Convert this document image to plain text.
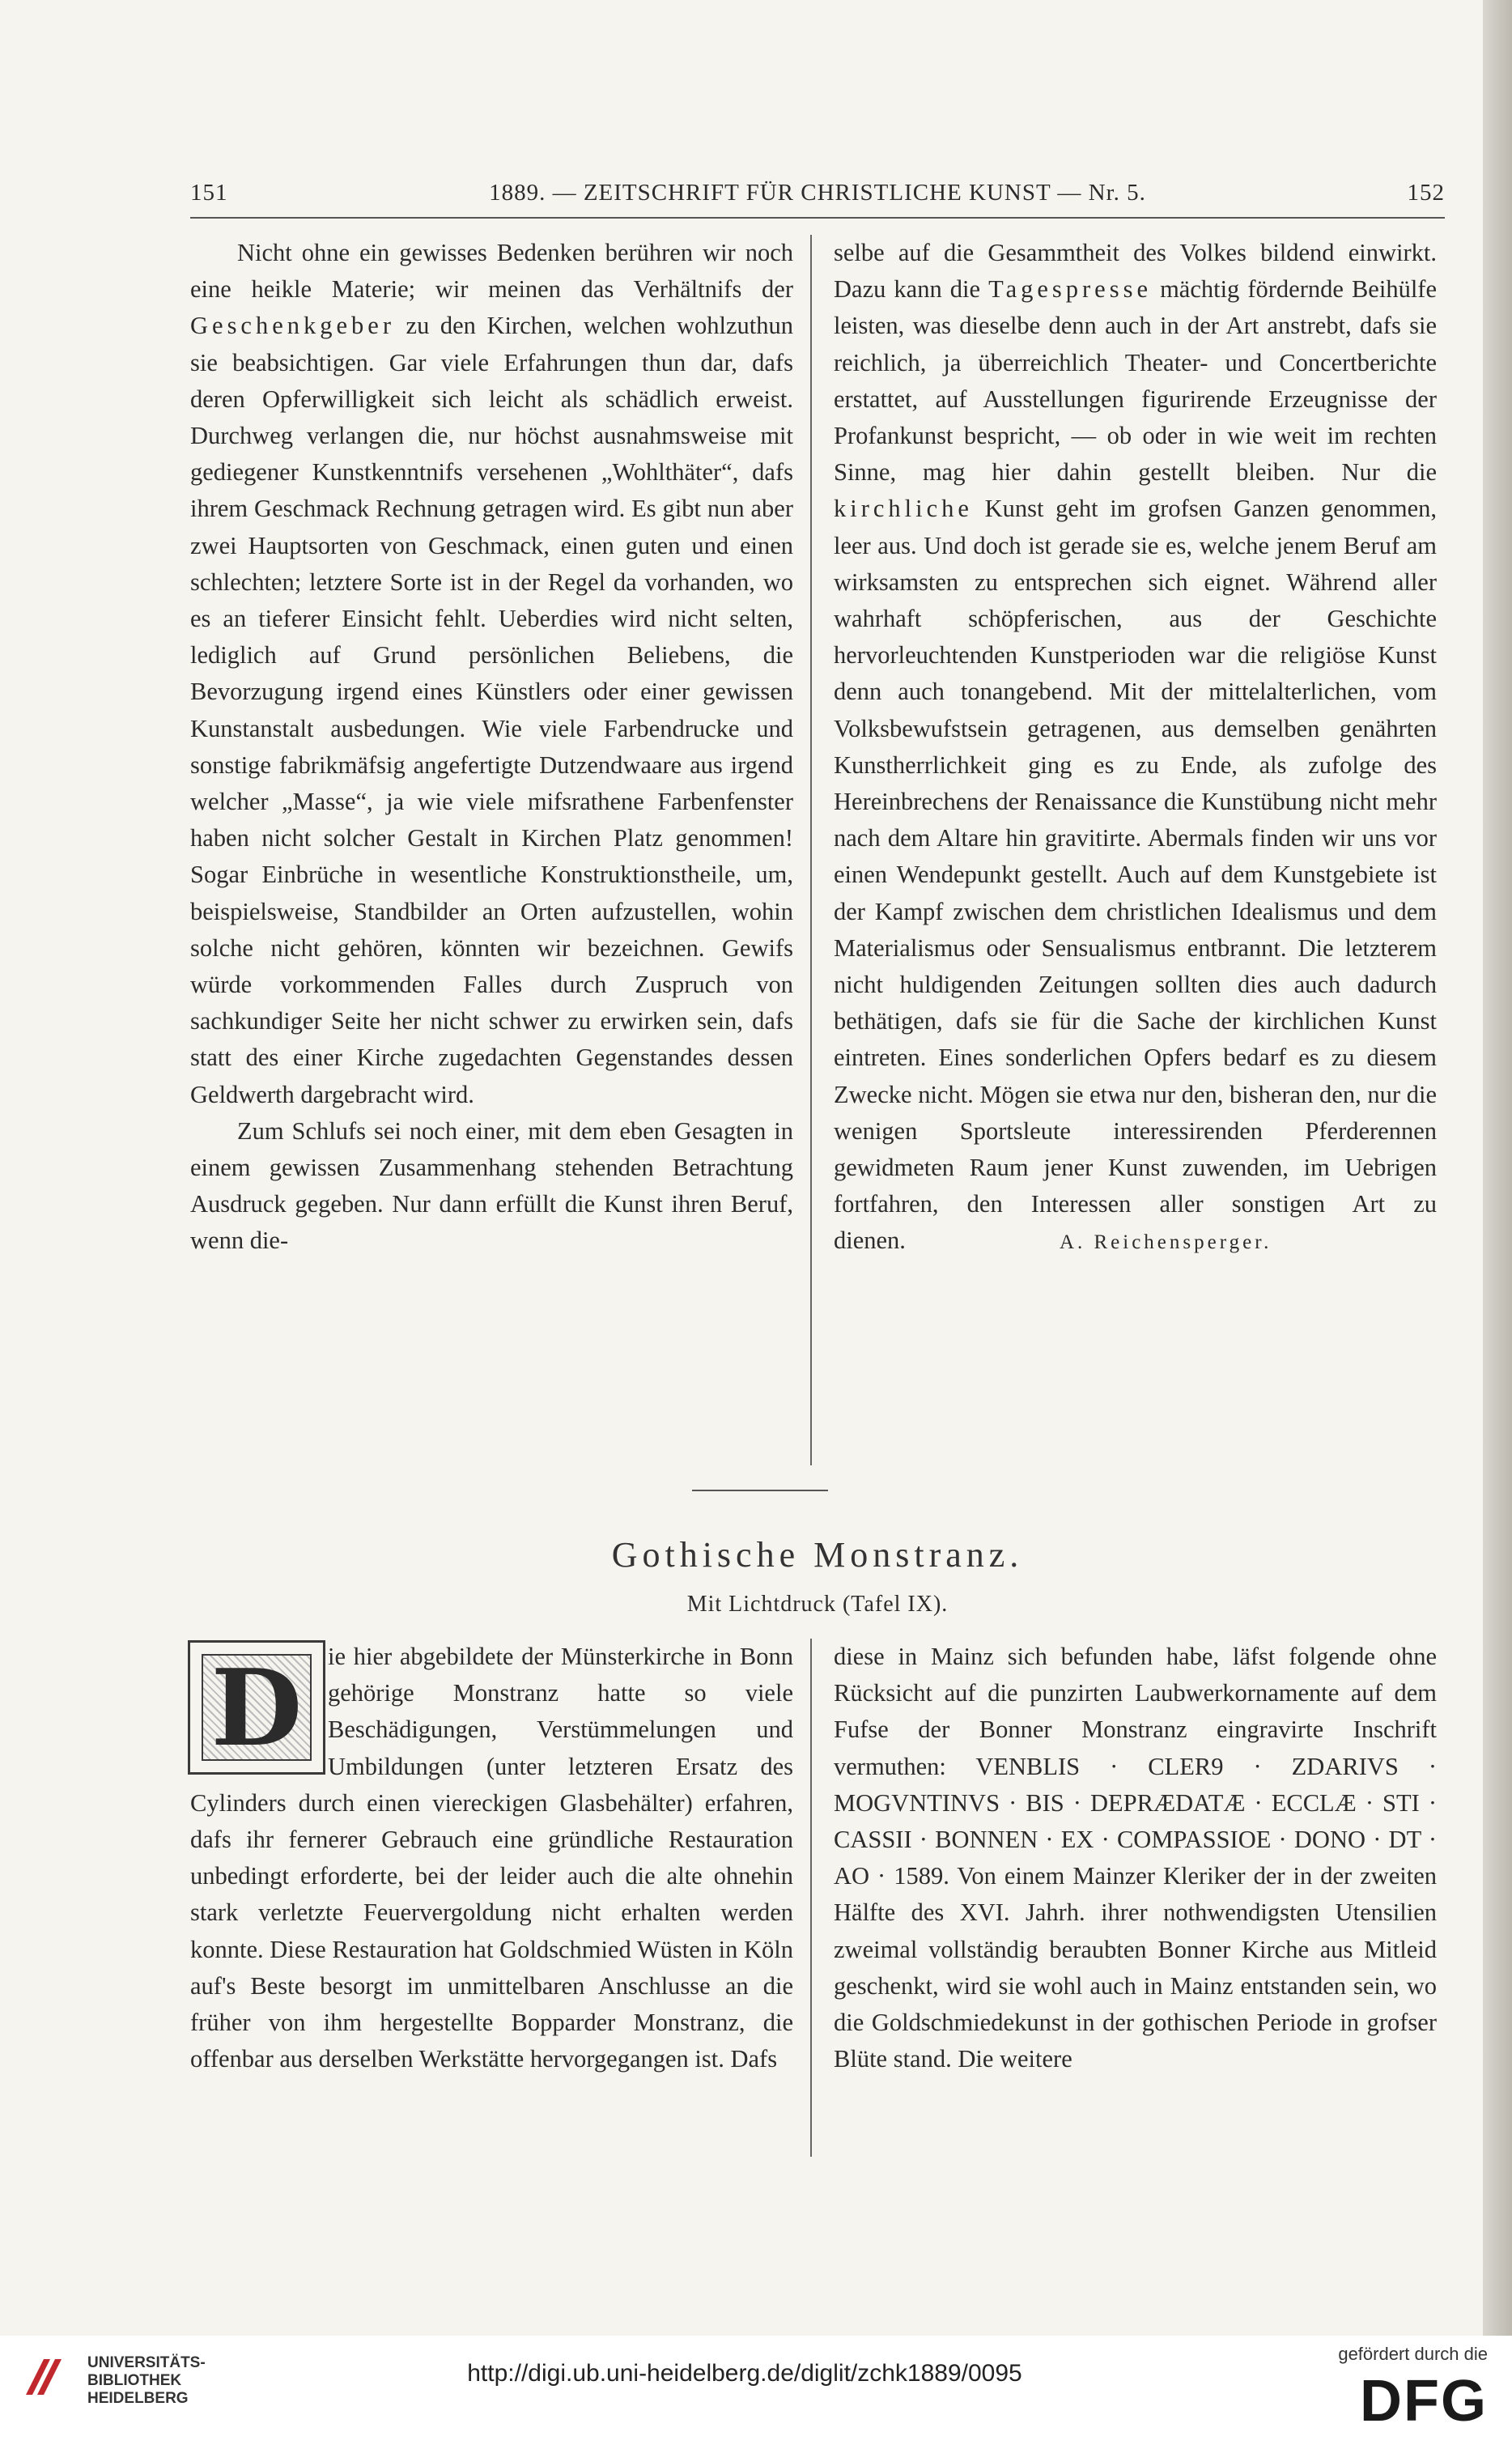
151	1889. — ZEITSCHRIFT FÜR CHRISTLICHE KUNST — Nr. 5.	152

Nicht ohne ein gewisses Bedenken berühren wir noch eine heikle Materie; wir meinen das Verhältnifs der Geschenkgeber zu den Kirchen, welchen wohlzuthun sie beabsichtigen. Gar viele Erfahrungen thun dar, dafs deren Opferwilligkeit sich leicht als schädlich erweist. Durchweg verlangen die, nur höchst ausnahmsweise mit gediegener Kunstkenntnifs versehenen „Wohlthäter“, dafs ihrem Geschmack Rechnung getragen wird. Es gibt nun aber zwei Hauptsorten von Geschmack, einen guten und einen schlechten; letztere Sorte ist in der Regel da vorhanden, wo es an tieferer Einsicht fehlt. Ueberdies wird nicht selten, lediglich auf Grund persönlichen Beliebens, die Bevorzugung irgend eines Künstlers oder einer gewissen Kunstanstalt ausbedungen. Wie viele Farbendrucke und sonstige fabrikmäfsig angefertigte Dutzendwaare aus irgend welcher „Masse“, ja wie viele mifsrathene Farbenfenster haben nicht solcher Gestalt in Kirchen Platz genommen! Sogar Einbrüche in wesentliche Konstruktionstheile, um, beispielsweise, Standbilder an Orten aufzustellen, wohin solche nicht gehören, könnten wir bezeichnen. Gewifs würde vorkommenden Falles durch Zuspruch von sachkundiger Seite her nicht schwer zu erwirken sein, dafs statt des einer Kirche zugedachten Gegenstandes dessen Geldwerth dargebracht wird.

Zum Schlufs sei noch einer, mit dem eben Gesagten in einem gewissen Zusammenhang stehenden Betrachtung Ausdruck gegeben. Nur dann erfüllt die Kunst ihren Beruf, wenn die-

selbe auf die Gesammtheit des Volkes bildend einwirkt. Dazu kann die Tagespresse mächtig fördernde Beihülfe leisten, was dieselbe denn auch in der Art anstrebt, dafs sie reichlich, ja überreichlich Theater- und Concertberichte erstattet, auf Ausstellungen figurirende Erzeugnisse der Profankunst bespricht, — ob oder in wie weit im rechten Sinne, mag hier dahin gestellt bleiben. Nur die kirchliche Kunst geht im grofsen Ganzen genommen, leer aus. Und doch ist gerade sie es, welche jenem Beruf am wirksamsten zu entsprechen sich eignet. Während aller wahrhaft schöpferischen, aus der Geschichte hervorleuchtenden Kunstperioden war die religiöse Kunst denn auch tonangebend. Mit der mittelalterlichen, vom Volksbewufstsein getragenen, aus demselben genährten Kunstherrlichkeit ging es zu Ende, als zufolge des Hereinbrechens der Renaissance die Kunstübung nicht mehr nach dem Altare hin gravitirte. Abermals finden wir uns vor einen Wendepunkt gestellt. Auch auf dem Kunstgebiete ist der Kampf zwischen dem christlichen Idealismus und dem Materialismus oder Sensualismus entbrannt. Die letzterem nicht huldigenden Zeitungen sollten dies auch dadurch bethätigen, dafs sie für die Sache der kirchlichen Kunst eintreten. Eines sonderlichen Opfers bedarf es zu diesem Zwecke nicht. Mögen sie etwa nur den, bisheran den, nur die wenigen Sportsleute interessirenden Pferderennen gewidmeten Raum jener Kunst zuwenden, im Uebrigen fortfahren, den Interessen aller sonstigen Art zu dienen.	A. Reichensperger.

Gothische Monstranz.
Mit Lichtdruck (Tafel IX).
D	ie hier abgebildete der Münsterkirche in Bonn gehörige Monstranz hatte so viele Beschädigungen, Verstümmelungen und Umbildungen (unter letzteren Ersatz des Cylinders durch einen viereckigen Glasbehälter) erfahren, dafs ihr fernerer Gebrauch eine gründliche Restauration unbedingt erforderte, bei der leider auch die alte ohnehin stark verletzte Feuervergoldung nicht erhalten werden konnte. Diese Restauration hat Goldschmied Wüsten in Köln auf's Beste besorgt im unmittelbaren Anschlusse an die früher von ihm hergestellte Bopparder Monstranz, die offenbar aus derselben Werkstätte hervorgegangen ist. Dafs

diese in Mainz sich befunden habe, läfst folgende ohne Rücksicht auf die punzirten Laubwerkornamente auf dem Fufse der Bonner Monstranz eingravirte Inschrift vermuthen: VENBLIS · CLER9 · ZDARIVS · MOGVNTINVS · BIS · DEPRÆDATÆ · ECCLÆ · STI · CASSII · BONNEN · EX · COMPASSIOE · DONO · DT · AO · 1589. Von einem Mainzer Kleriker der in der zweiten Hälfte des XVI. Jahrh. ihrer nothwendigsten Utensilien zweimal vollständig beraubten Bonner Kirche aus Mitleid geschenkt, wird sie wohl auch in Mainz entstanden sein, wo die Goldschmiedekunst in der gothischen Periode in grofser Blüte stand. Die weitere

UNIVERSITÄTS-
BIBLIOTHEK
HEIDELBERG
http://digi.ub.uni-heidelberg.de/diglit/zchk1889/0095
gefördert durch die
DFG
